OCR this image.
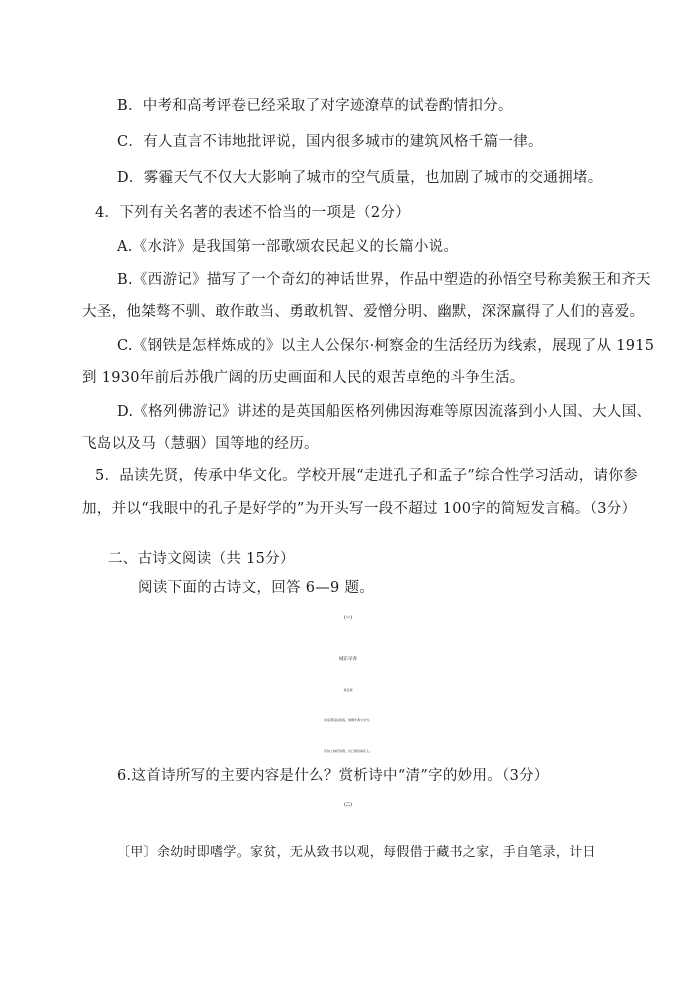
B．中考和高考评卷已经采取了对字迹潦草的试卷酌情扣分。
C．有人直言不讳地批评说，国内很多城市的建筑风格千篇一律。
D．雾霾天气不仅大大影响了城市的空气质量，也加剧了城市的交通拥堵。
4．下列有关名著的表述不恰当的一项是（2分）
A.《水浒》是我国第一部歌颂农民起义的长篇小说。
B.《西游记》描写了一个奇幻的神话世界，作品中塑造的孙悟空号称美猴王和齐天
大圣，他桀骜不驯、敢作敢当、勇敢机智、爱憎分明、幽默，深深赢得了人们的喜爱。
C.《钢铁是怎样炼成的》以主人公保尔·柯察金的生活经历为线索，展现了从 1915
到 1930年前后苏俄广阔的历史画面和人民的艰苦卓绝的斗争生活。
D.《格列佛游记》讲述的是英国船医格列佛因海难等原因流落到小人国、大人国、
飞岛以及马（慧骃）国等地的经历。
5．品读先贤，传承中华文化。学校开展“走进孔子和孟子”综合性学习活动，请你参
加，并以“我眼中的孔子是好学的”为开头写一段不超过 100字的简短发言稿。（3分）
二、古诗文阅读（共 15分）
阅读下面的古诗文，回答 6—9 题。
（一）
城东早春
杨巨源
诗家清景在新春，绿柳才黄半未匀。
若待上林花似锦，出门俱是看花人。
6.这首诗所写的主要内容是什么？赏析诗中“清”字的妙用。（3分）
（二）
〔甲〕余幼时即嗜学。家贫，无从致书以观，每假借于藏书之家，手自笔录，计日
